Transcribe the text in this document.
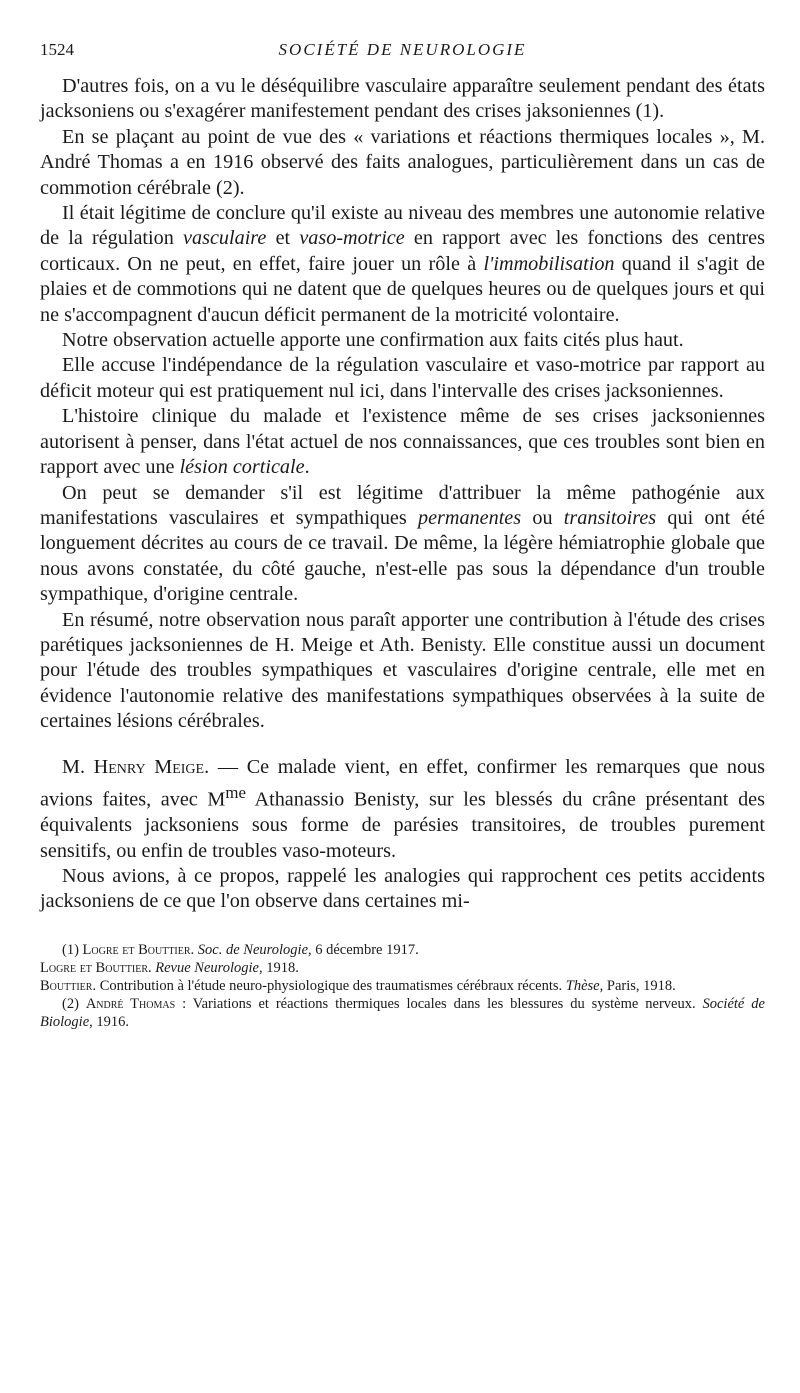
1524	SOCIÉTÉ DE NEUROLOGIE

D'autres fois, on a vu le déséquilibre vasculaire apparaître seulement pendant des états jacksoniens ou s'exagérer manifestement pendant des crises jaksoniennes (1).

En se plaçant au point de vue des « variations et réactions thermiques locales », M. André Thomas a en 1916 observé des faits analogues, particulièrement dans un cas de commotion cérébrale (2).

Il était légitime de conclure qu'il existe au niveau des membres une autonomie relative de la régulation vasculaire et vaso-motrice en rapport avec les fonctions des centres corticaux. On ne peut, en effet, faire jouer un rôle à l'immobilisation quand il s'agit de plaies et de commotions qui ne datent que de quelques heures ou de quelques jours et qui ne s'accompagnent d'aucun déficit permanent de la motricité volontaire.

Notre observation actuelle apporte une confirmation aux faits cités plus haut.

Elle accuse l'indépendance de la régulation vasculaire et vaso-motrice par rapport au déficit moteur qui est pratiquement nul ici, dans l'intervalle des crises jacksoniennes.

L'histoire clinique du malade et l'existence même de ses crises jacksoniennes autorisent à penser, dans l'état actuel de nos connaissances, que ces troubles sont bien en rapport avec une lésion corticale.

On peut se demander s'il est légitime d'attribuer la même pathogénie aux manifestations vasculaires et sympathiques permanentes ou transitoires qui ont été longuement décrites au cours de ce travail. De même, la légère hémiatrophie globale que nous avons constatée, du côté gauche, n'est-elle pas sous la dépendance d'un trouble sympathique, d'origine centrale.

En résumé, notre observation nous paraît apporter une contribution à l'étude des crises parétiques jacksoniennes de H. Meige et Ath. Benisty. Elle constitue aussi un document pour l'étude des troubles sympathiques et vasculaires d'origine centrale, elle met en évidence l'autonomie relative des manifestations sympathiques observées à la suite de certaines lésions cérébrales.

M. Henry Meige. — Ce malade vient, en effet, confirmer les remarques que nous avions faites, avec $M^{me}$ Athanassio Benisty, sur les blessés du crâne présentant des équivalents jacksoniens sous forme de parésies transitoires, de troubles purement sensitifs, ou enfin de troubles vaso-moteurs.

Nous avions, à ce propos, rappelé les analogies qui rapprochent ces petits accidents jacksoniens de ce que l'on observe dans certaines mi-

(1) Logre et Bouttier. Soc. de Neurologie, 6 décembre 1917.

Logre et Bouttier. Revue Neurologie, 1918.

Bouttier. Contribution à l'étude neuro-physiologique des traumatismes cérébraux récents. Thèse, Paris, 1918.

(2) André Thomas : Variations et réactions thermiques locales dans les blessures du système nerveux. Société de Biologie, 1916.
